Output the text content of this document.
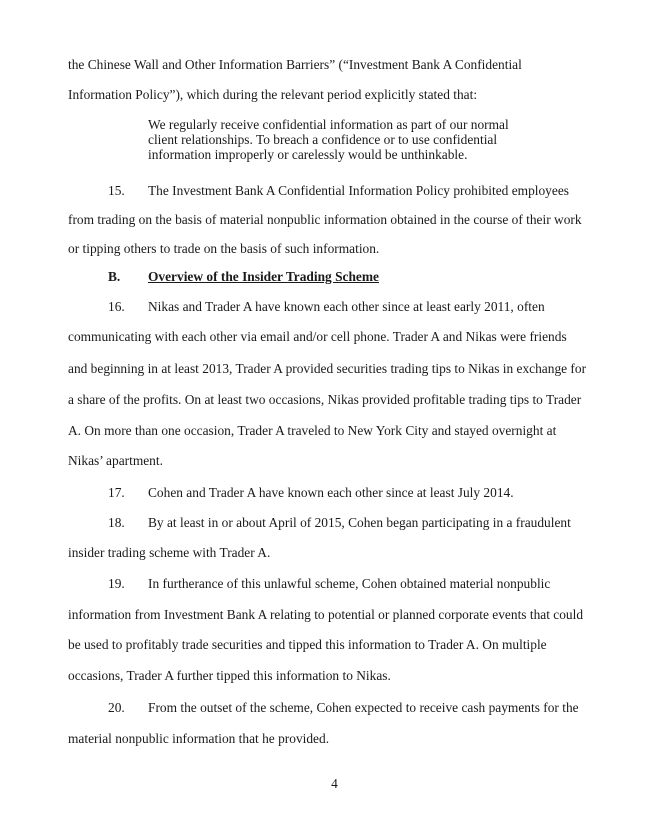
the Chinese Wall and Other Information Barriers” (“Investment Bank A Confidential
Information Policy”), which during the relevant period explicitly stated that:
We regularly receive confidential information as part of our normal
client relationships. To breach a confidence or to use confidential
information improperly or carelessly would be unthinkable.
15. The Investment Bank A Confidential Information Policy prohibited employees
from trading on the basis of material nonpublic information obtained in the course of their work
or tipping others to trade on the basis of such information.
B. Overview of the Insider Trading Scheme
16. Nikas and Trader A have known each other since at least early 2011, often
communicating with each other via email and/or cell phone. Trader A and Nikas were friends
and beginning in at least 2013, Trader A provided securities trading tips to Nikas in exchange for
a share of the profits. On at least two occasions, Nikas provided profitable trading tips to Trader
A. On more than one occasion, Trader A traveled to New York City and stayed overnight at
Nikas’ apartment.
17. Cohen and Trader A have known each other since at least July 2014.
18. By at least in or about April of 2015, Cohen began participating in a fraudulent
insider trading scheme with Trader A.
19. In furtherance of this unlawful scheme, Cohen obtained material nonpublic
information from Investment Bank A relating to potential or planned corporate events that could
be used to profitably trade securities and tipped this information to Trader A. On multiple
occasions, Trader A further tipped this information to Nikas.
20. From the outset of the scheme, Cohen expected to receive cash payments for the
material nonpublic information that he provided.
4
